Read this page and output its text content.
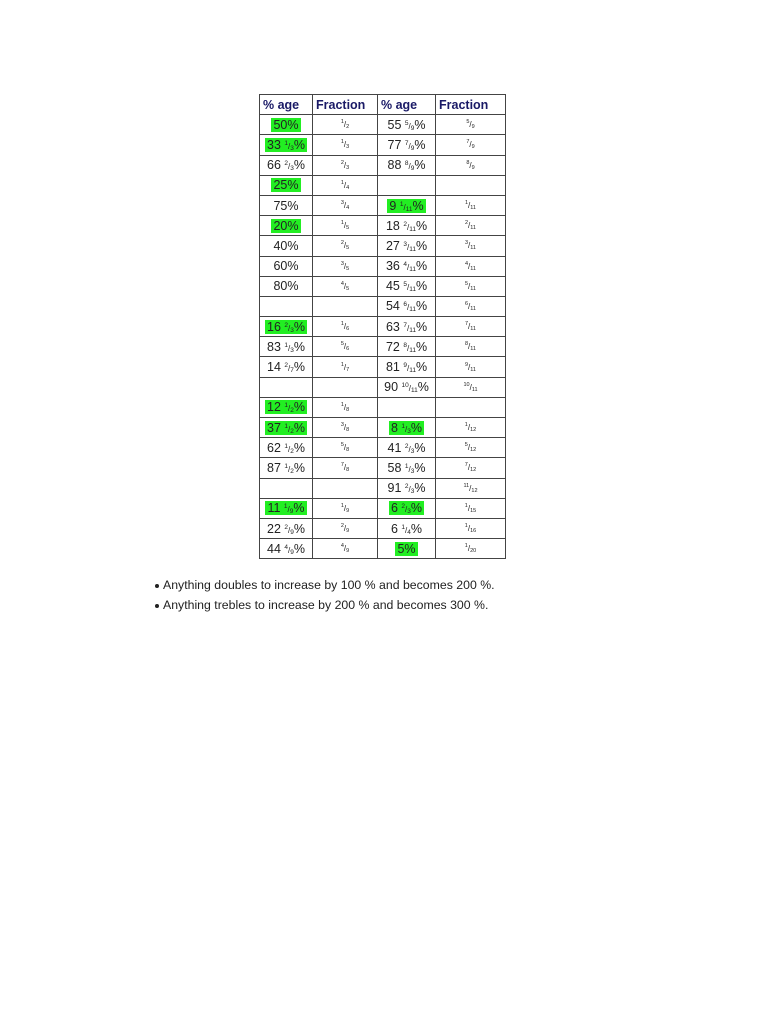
% age	Fraction	% age	Fraction
50%	$^1/_2$	55 $^5/_9\%$	$^5/_9$
33 $^1/_3\%$	$^1/_3$	77 $^7/_9\%$	$^7/_9$
66 $^2/_3\%$	$^2/_3$	88 $^8/_9\%$	$^8/_9$
25%	$^1/_4$		
75%	$^3/_4$	9 $^1/_{11}\%$	$^1/_{11}$
20%	$^1/_5$	18 $^2/_{11}\%$	$^2/_{11}$
40%	$^2/_5$	27 $^3/_{11}\%$	$^3/_{11}$
60%	$^3/_5$	36 $^4/_{11}\%$	$^4/_{11}$
80%	$^4/_5$	45 $^5/_{11}\%$	$^5/_{11}$
		54 $^6/_{11}\%$	$^6/_{11}$
16 $^2/_3\%$	$^1/_6$	63 $^7/_{11}\%$	$^7/_{11}$
83 $^1/_3\%$	$^5/_6$	72 $^8/_{11}\%$	$^8/_{11}$
14 $^2/_7\%$	$^1/_7$	81 $^9/_{11}\%$	$^9/_{11}$
		90 $^{10}/_{11}\%$	$^{10}/_{11}$
12 $^1/_2\%$	$^1/_8$		
37 $^1/_2\%$	$^3/_8$	8 $^1/_3\%$	$^1/_{12}$
62 $^1/_2\%$	$^5/_8$	41 $^2/_3\%$	$^5/_{12}$
87 $^1/_2\%$	$^7/_8$	58 $^1/_3\%$	$^7/_{12}$
		91 $^2/_3\%$	$^{11}/_{12}$
11 $^1/_9\%$	$^1/_9$	6 $^2/_3\%$	$^1/_{15}$
22 $^2/_9\%$	$^2/_9$	6 $^1/_4\%$	$^1/_{16}$
44 $^4/_9\%$	$^4/_9$	5%	$^1/_{20}$
Anything doubles to increase by 100 % and becomes 200 %.
Anything trebles to increase by 200 % and becomes 300 %.
